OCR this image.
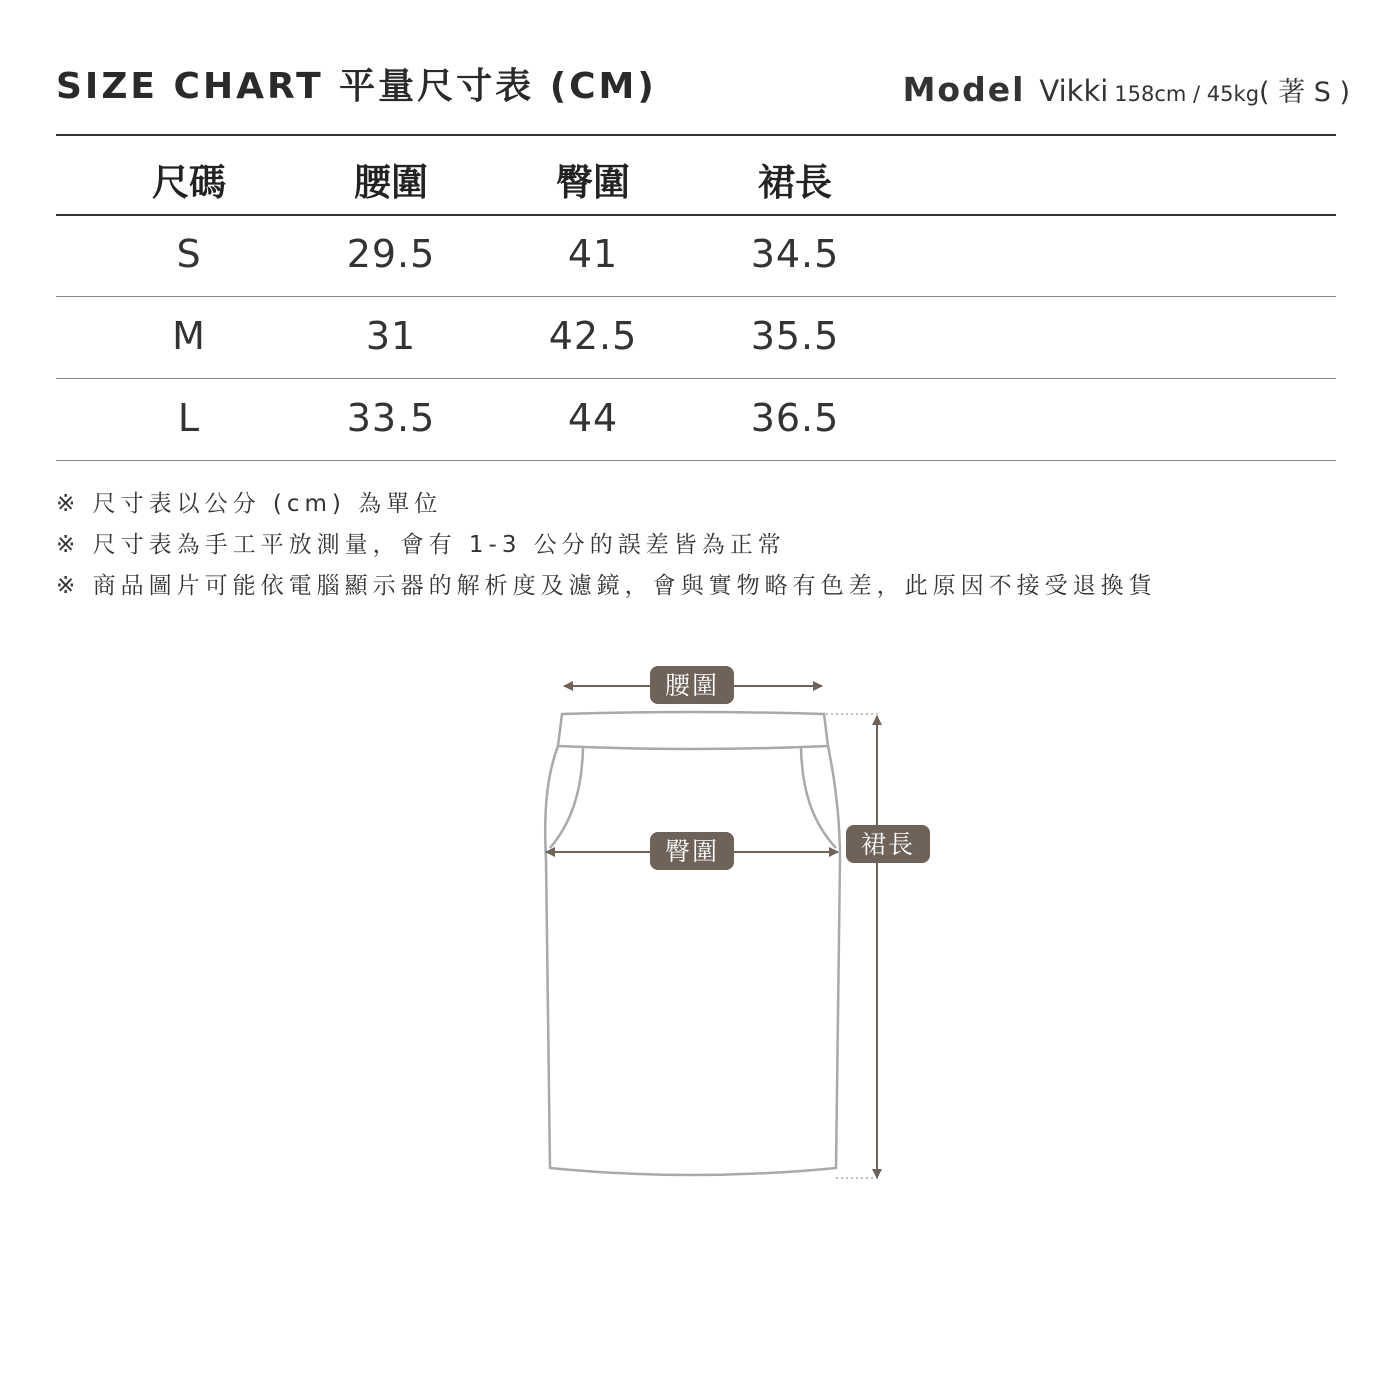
SIZE CHART 平量尺寸表 (CM)	Model Vikki 158cm / 45kg( 著 S )
尺碼	腰圍	臀圍	裙長
S	29.5	41	34.5
M	31	42.5	35.5
L	33.5	44	36.5
※ 尺寸表以公分 (cm) 為單位
※ 尺寸表為手工平放測量，會有 1-3 公分的誤差皆為正常
※ 商品圖片可能依電腦顯示器的解析度及濾鏡，會與實物略有色差，此原因不接受退換貨
腰圍
臀圍	裙長
